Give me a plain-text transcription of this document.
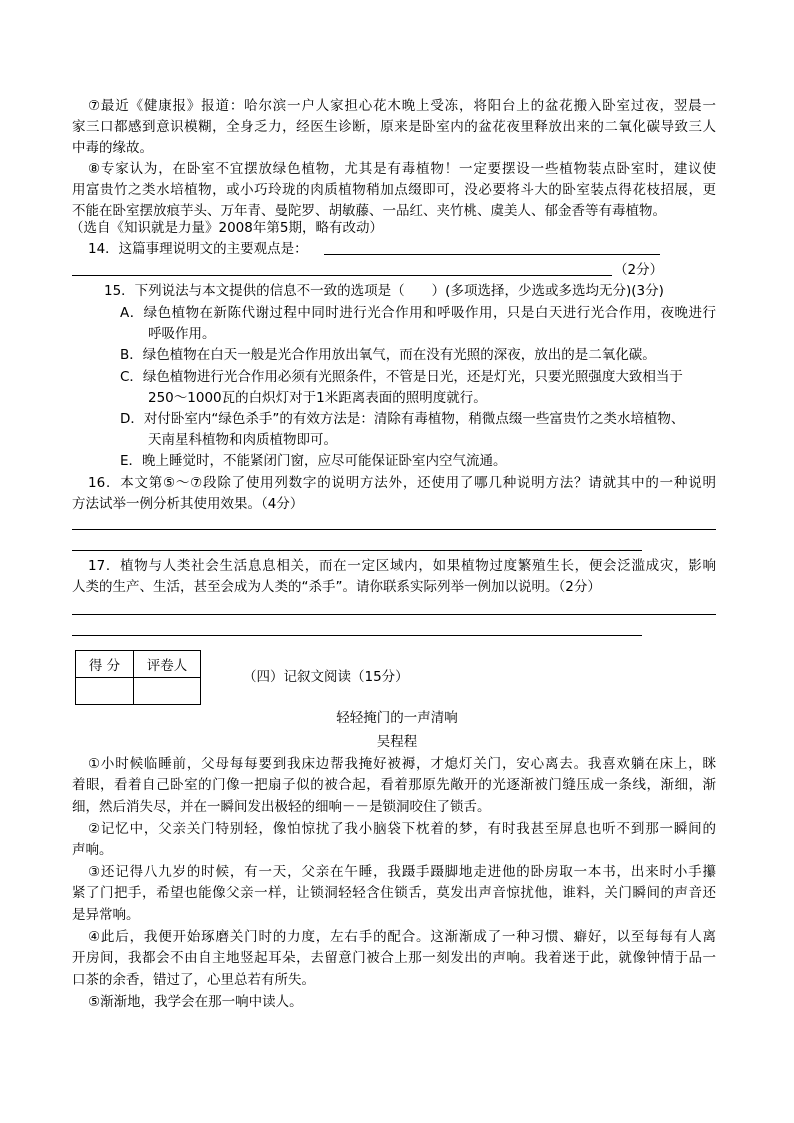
⑦最近《健康报》报道：哈尔滨一户人家担心花木晚上受冻，将阳台上的盆花搬入卧室过夜，翌晨一
家三口都感到意识模糊，全身乏力，经医生诊断，原来是卧室内的盆花夜里释放出来的二氧化碳导致三人
中毒的缘故。
⑧专家认为，在卧室不宜摆放绿色植物，尤其是有毒植物！一定要摆设一些植物装点卧室时，建议使
用富贵竹之类水培植物，或小巧玲珑的肉质植物稍加点缀即可，没必要将斗大的卧室装点得花枝招展，更
不能在卧室摆放痕芋头、万年青、曼陀罗、胡敏藤、一品红、夹竹桃、虞美人、郁金香等有毒植物。
（选自《知识就是力量》2008年第5期，略有改动）
14．这篇事理说明文的主要观点是：
（2分）
15．下列说法与本文提供的信息不一致的选项是（　　）(多项选择，少选或多选均无分)(3分)
A．绿色植物在新陈代谢过程中同时进行光合作用和呼吸作用，只是白天进行光合作用，夜晚进行
呼吸作用。
B．绿色植物在白天一般是光合作用放出氧气，而在没有光照的深夜，放出的是二氧化碳。
C．绿色植物进行光合作用必须有光照条件，不管是日光，还是灯光，只要光照强度大致相当于
250～1000瓦的白炽灯对于1米距离表面的照明度就行。
D．对付卧室内“绿色杀手”的有效方法是：清除有毒植物，稍微点缀一些富贵竹之类水培植物、
天南星科植物和肉质植物即可。
E．晚上睡觉时，不能紧闭门窗，应尽可能保证卧室内空气流通。
16．本文第⑤～⑦段除了使用列数字的说明方法外，还使用了哪几种说明方法？请就其中的一种说明
方法试举一例分析其使用效果。（4分）
17．植物与人类社会生活息息相关，而在一定区域内，如果植物过度繁殖生长，便会泛滥成灾，影响
人类的生产、生活，甚至会成为人类的“杀手”。请你联系实际列举一例加以说明。（2分）
得 分	评卷人

（四）记叙文阅读（15分）
轻轻掩门的一声清响
吴程程
①小时候临睡前，父母每每要到我床边帮我掩好被褥，才熄灯关门，安心离去。我喜欢躺在床上，眯
着眼，看着自己卧室的门像一把扇子似的被合起，看着那原先敞开的光逐渐被门缝压成一条线，渐细，渐
细，然后消失尽，并在一瞬间发出极轻的细响－－是锁洞咬住了锁舌。
②记忆中，父亲关门特别轻，像怕惊扰了我小脑袋下枕着的梦，有时我甚至屏息也听不到那一瞬间的
声响。
③还记得八九岁的时候，有一天，父亲在午睡，我蹑手蹑脚地走进他的卧房取一本书，出来时小手攥
紧了门把手，希望也能像父亲一样，让锁洞轻轻含住锁舌，莫发出声音惊扰他，谁料，关门瞬间的声音还
是异常响。
④此后，我便开始琢磨关门时的力度，左右手的配合。这渐渐成了一种习惯、癖好，以至每每有人离
开房间，我都会不由自主地竖起耳朵，去留意门被合上那一刻发出的声响。我着迷于此，就像钟情于品一
口茶的余香，错过了，心里总若有所失。
⑤渐渐地，我学会在那一响中读人。
